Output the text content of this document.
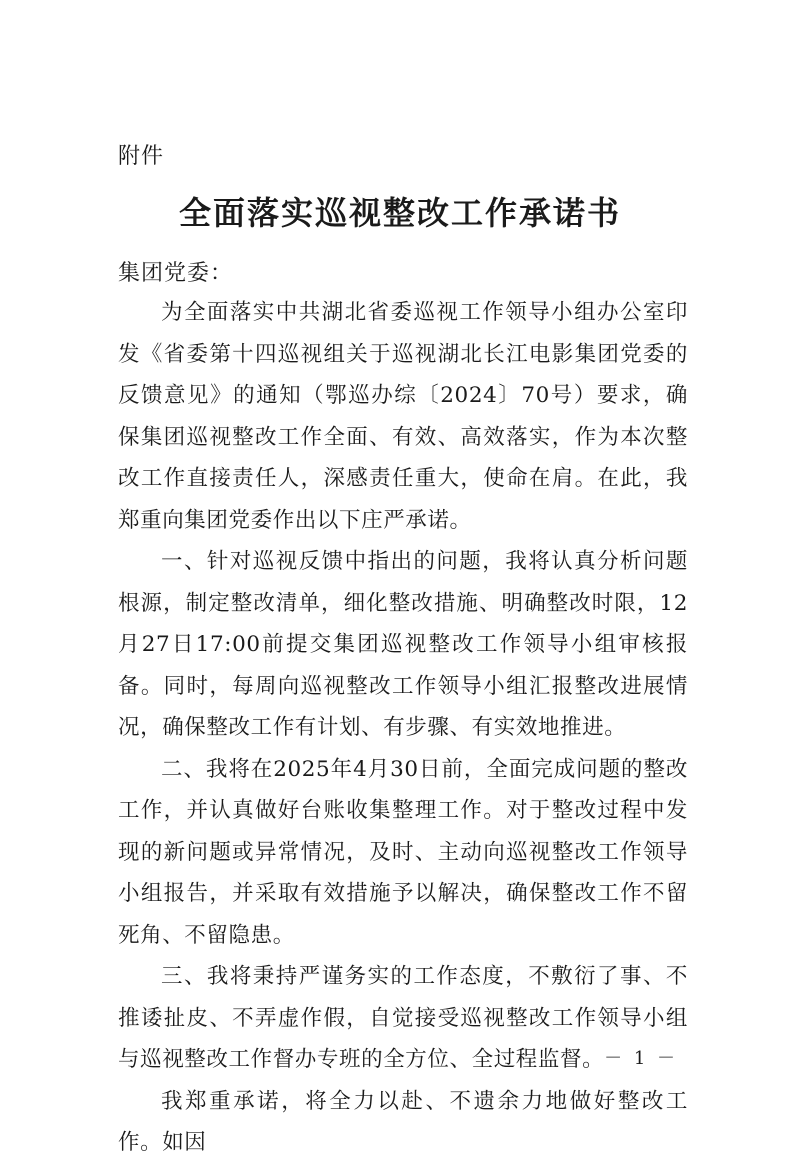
附件
全面落实巡视整改工作承诺书
集团党委：

为全面落实中共湖北省委巡视工作领导小组办公室印发《省委第十四巡视组关于巡视湖北长江电影集团党委的反馈意见》的通知（鄂巡办综〔2024〕70号）要求，确保集团巡视整改工作全面、有效、高效落实，作为本次整改工作直接责任人，深感责任重大，使命在肩。在此，我郑重向集团党委作出以下庄严承诺。

一、针对巡视反馈中指出的问题，我将认真分析问题根源，制定整改清单，细化整改措施、明确整改时限，12月27日17:00前提交集团巡视整改工作领导小组审核报备。同时，每周向巡视整改工作领导小组汇报整改进展情况，确保整改工作有计划、有步骤、有实效地推进。

二、我将在2025年4月30日前，全面完成问题的整改工作，并认真做好台账收集整理工作。对于整改过程中发现的新问题或异常情况，及时、主动向巡视整改工作领导小组报告，并采取有效措施予以解决，确保整改工作不留死角、不留隐患。

三、我将秉持严谨务实的工作态度，不敷衍了事、不推诿扯皮、不弄虚作假，自觉接受巡视整改工作领导小组与巡视整改工作督办专班的全方位、全过程监督。

我郑重承诺，将全力以赴、不遗余力地做好整改工作。如因

－ 1 －
